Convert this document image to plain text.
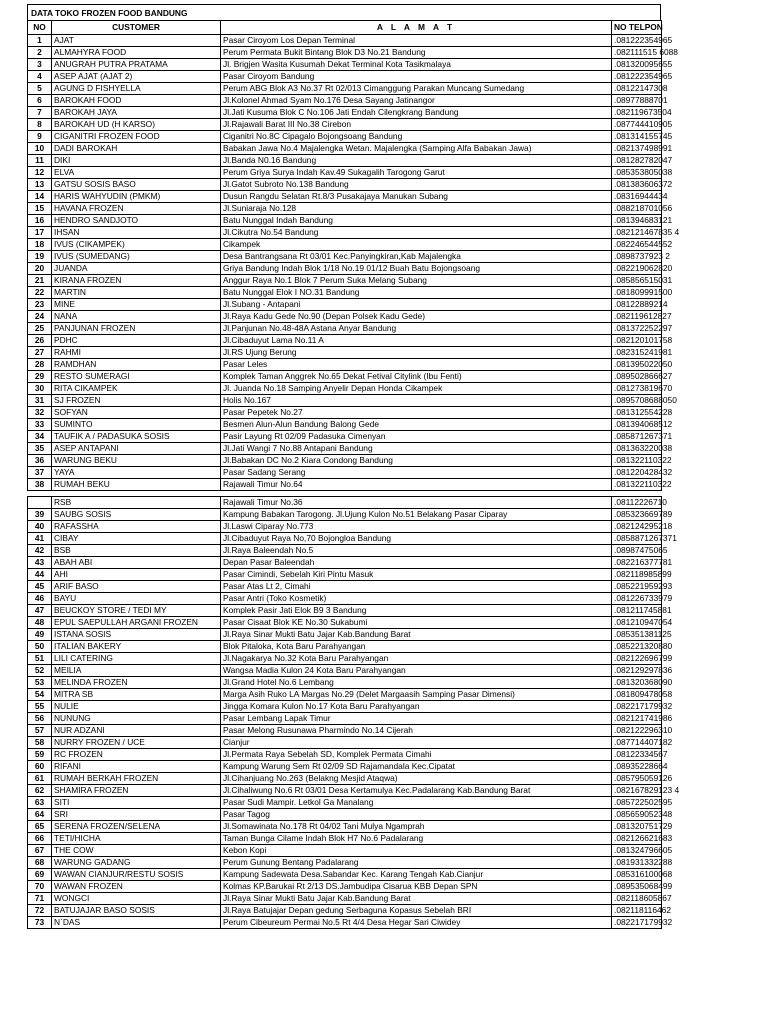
DATA TOKO FROZEN FOOD BANDUNG
NO	CUSTOMER	A L A M A T	NO TELPON
1	AJAT	Pasar Ciroyom Los Depan Terminal	.081222354965
2	ALMAHYRA FOOD	Perum Permata Bukit Bintang Blok D3 No.21 Bandung	.082111515 6088
3	ANUGRAH PUTRA PRATAMA	Jl. Brigjen Wasita Kusumah Dekat Terminal Kota Tasikmalaya	.081320095655
4	ASEP AJAT (AJAT 2)	Pasar Ciroyom Bandung	.081222354965
5	AGUNG D FISHYELLA	Perum ABG Blok A3 No.37 Rt 02/013 Cimanggung Parakan Muncang Sumedang	.08122147308
6	BAROKAH FOOD	Jl.Kolonel Ahmad Syam No.176 Desa Sayang Jatinangor	.08977888701
7	BAROKAH JAYA	Jl.Jati Kusuma Blok C No.106 Jati Endah Cilengkrang Bandung	.082119673504
8	BAROKAH UD (H KARSO)	Jl.Rajawali Barat III No.38 Cirebon	.087744410905
9	CIGANITRI FROZEN FOOD	Ciganitri No.8C Cipagalo Bojongsoang Bandung	.081314155745
10	DADI BAROKAH	Babakan Jawa No.4 Majalengka Wetan. Majalengka (Samping Alfa Babakan Jawa)	.082137498991
11	DIKI	Jl.Banda N0.16 Bandung	.081282782047
12	ELVA	Perum Griya Surya Indah Kav.49 Sukagalih Tarogong Garut	.085353805038
13	GATSU SOSIS BASO	Jl.Gatot Subroto No.138 Bandung	.081383606372
14	HARIS WAHYUDIN (PMKM)	Dusun Rangdu Selatan Rt.8/3 Pusakajaya Manukan Subang	.08316944434
15	HAVANA FROZEN	Jl.Suniaraja No.128	.088218701056
16	HENDRO SANDJOTO	Batu Nunggal Indah Bandung	.081394683121
17	IHSAN	Jl.Cikutra No.54 Bandung	.082121467835 4
18	IVUS (CIKAMPEK)	Cikampek	.082246544552
19	IVUS (SUMEDANG)	Desa Bantrangsana Rt 03/01 Kec.Panyingkiran,Kab Majalengka	.0898737923 2
20	JUANDA	Griya Bandung Indah Blok 1/18 No.19 01/12 Buah Batu Bojongsoang	.082219062820
21	KIRANA FROZEN	Anggur Raya No.1 Blok 7 Perum Suka Melang Subang	.085856515031
22	MARTIN	Batu Nunggal Elok I NO.31 Bandung	.081809991500
23	MINE	Jl.Subang - Antapani	.08122889214
24	NANA	Jl.Raya Kadu Gede No.90 (Depan Polsek Kadu Gede)	.082119612827
25	PANJUNAN FROZEN	Jl.Panjunan No.48-48A Astana Anyar Bandung	.081372252297
26	PDHC	Jl.Cibaduyut Lama No.11 A	.082120101758
27	RAHMI	Jl.RS Ujung Berung	.082315241981
28	RAMDHAN	Pasar Leles	.081395022050
29	RESTO SUMERAGI	Komplek Taman Anggrek No.65 Dekat Fetival Citylink (Ibu Fenti)	.089502866627
30	RITA CIKAMPEK	Jl. Juanda No.18 Samping Anyelir Depan Honda Cikampek	.081273819670
31	SJ FROZEN	Holis No.167	.0895708688050
32	SOFYAN	Pasar Pepetek No.27	.081312554228
33	SUMINTO	Besmen Alun-Alun Bandung Balong Gede	.081394068512
34	TAUFIK A / PADASUKA SOSIS	Pasir Layung Rt 02/09 Padasuka Cimenyan	.085871267371
35	ASEP ANTAPANI	Jl.Jati Wangi 7 No.88 Antapani Bandung	.081363220038
36	WARUNG BEKU	Jl.Babakan DC No.2 Kiara Condong Bandung	.081322110322
37	YAYA	Pasar Sadang Serang	.081220428432
38	RUMAH BEKU	Rajawali Timur No.64	.081322110322
	RSB	Rajawali Timur No.36	.08112226710
39	SAUBG SOSIS	Kampung Babakan Tarogong. Jl.Ujung Kulon No.51 Belakang Pasar Ciparay	.085323669789
40	RAFASSHA	Jl.Laswi Ciparay No.773	.082124295218
41	CIBAY	Jl.Cibaduyut Raya No,70 Bojongloa Bandung	.0858871267371
42	BSB	Jl.Raya Baleendah No.5	.08987475065
43	ABAH ABI	Depan Pasar Baleendah	.082216377781
44	AHI	Pasar Cimindi, Sebelah Kiri Pintu Masuk	.082118985899
45	ARIF BASO	Pasar Atas Lt 2, Cimahi	.085221959293
46	BAYU	Pasar Antri (Toko Kosmetik)	.081226733979
47	BEUCKOY STORE / TEDI MY	Komplek Pasir Jati Elok B9 3 Bandung	.081211745881
48	EPUL SAEPULLAH ARGANI FROZEN	Pasar Cisaat Blok KE No.30 Sukabumi	.081210947054
49	ISTANA SOSIS	Jl.Raya Sinar Mukti Batu Jajar Kab.Bandung Barat	.085351381125
50	ITALIAN BAKERY	Blok Pitaloka, Kota Baru Parahyangan	.085221320880
51	LILI CATERING	Jl.Nagakarya No.32 Kota Baru Parahyangan	.082122696799
52	MEILIA	Wangsa Madia Kulon 24 Kota Baru Parahyangan	.082129297836
53	MELINDA FROZEN	Jl.Grand Hotel No.6 Lembang	.081320368090
54	MITRA SB	Marga Asih Ruko LA Margas No.29 (Delet Margaasih Samping Pasar Dimensi)	.081809478058
55	NULIE	Jingga Komara Kulon No.17 Kota Baru Parahyangan	.082217179932
56	NUNUNG	Pasar Lembang Lapak Timur	.082121741986
57	NUR ADZANI	Pasar Melong Rusunawa Pharmindo No.14 Cijerah	.082122296310
58	NURRY FROZEN / UCE	Cianjur	.087714407182
59	RC FROZEN	Jl.Permata Raya Sebelah SD, Komplek Permata Cimahi	.08122334567
60	RIFANI	Kampung Warung Sem Rt 02/09 SD Rajamandala Kec.Cipatat	.08935228664
61	RUMAH BERKAH FROZEN	Jl.Cihanjuang No.263 (Belakng Mesjid Ataqwa)	.085795059126
62	SHAMIRA FROZEN	Jl.Cihaliwung No.6 Rt 03/01 Desa Kertamulya Kec.Padalarang Kab.Bandung Barat	.082167829123 4
63	SITI	Pasar Sudi Mampir. Letkol Ga Manalang	.085722502595
64	SRI	Pasar Tagog	.085659052348
65	SERENA FROZEN/SELENA	Jl.Somawinata No.178 Rt 04/02 Tani Mulya Ngamprah	.081320751729
66	TETI/HICHA	Taman Bunga Cilame Indah Blok H7 No.6 Padalarang	.082126621683
67	THE COW	Kebon Kopi	.081324796605
68	WARUNG GADANG	Perum Gunung Bentang Padalarang	.081931332288
69	WAWAN CIANJUR/RESTU SOSIS	Kampung Sadewata Desa.Sabandar Kec. Karang Tengah Kab.Cianjur	.085316100068
70	WAWAN FROZEN	Kolmas KP.Barukai Rt 2/13 DS.Jambudipa Cisarua KBB Depan SPN	.089535068499
71	WONGCI	Jl.Raya Sinar Mukti Batu Jajar Kab.Bandung Barat	.082118605867
72	BATUJAJAR BASO SOSIS	Jl.Raya Batujajar Depan gedung Serbaguna Kopasus Sebelah BRI	.082118116462
73	N`DAS	Perum Cibeureum Permai No.5 Rt 4/4 Desa Hegar Sari Ciwidey	.082217179932
